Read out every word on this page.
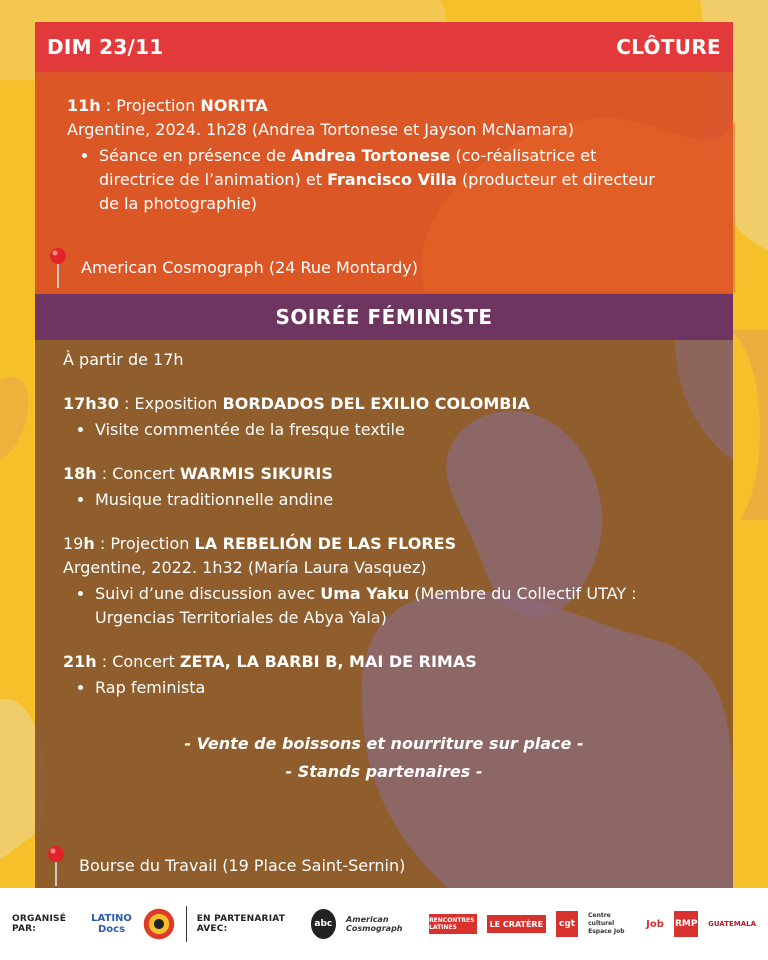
DIM 23/11	CLÔTURE
11h : Projection NORITA
Argentine, 2024. 1h28 (Andrea Tortonese et Jayson McNamara)
• Séance en présence de Andrea Tortonese (co-réalisatrice et directrice de l’animation) et Francisco Villa (producteur et directeur de la photographie)
American Cosmograph (24 Rue Montardy)
SOIRÉE FÉMINISTE
À partir de 17h
17h30 : Exposition BORDADOS DEL EXILIO COLOMBIA
• Visite commentée de la fresque textile
18h : Concert WARMIS SIKURIS
• Musique traditionnelle andine
19h : Projection LA REBELIÓN DE LAS FLORES
Argentine, 2022. 1h32 (María Laura Vasquez)
• Suivi d’une discussion avec Uma Yaku (Membre du Collectif UTAY : Urgencias Territoriales de Abya Yala)
21h : Concert ZETA, LA BARBI B, MAI DE RIMAS
• Rap feminista
- Vente de boissons et nourriture sur place -
- Stands partenaires -
Bourse du Travail (19 Place Saint-Sernin)
ORGANISÉ PAR:
LATINO Docs
EN PARTENARIAT AVEC:	abc	American Cosmograph
RENCONTRES LATINES	LE CRATÈRE	cgt
Centre culturel Espace Job
Job RMP GUATEMALA
